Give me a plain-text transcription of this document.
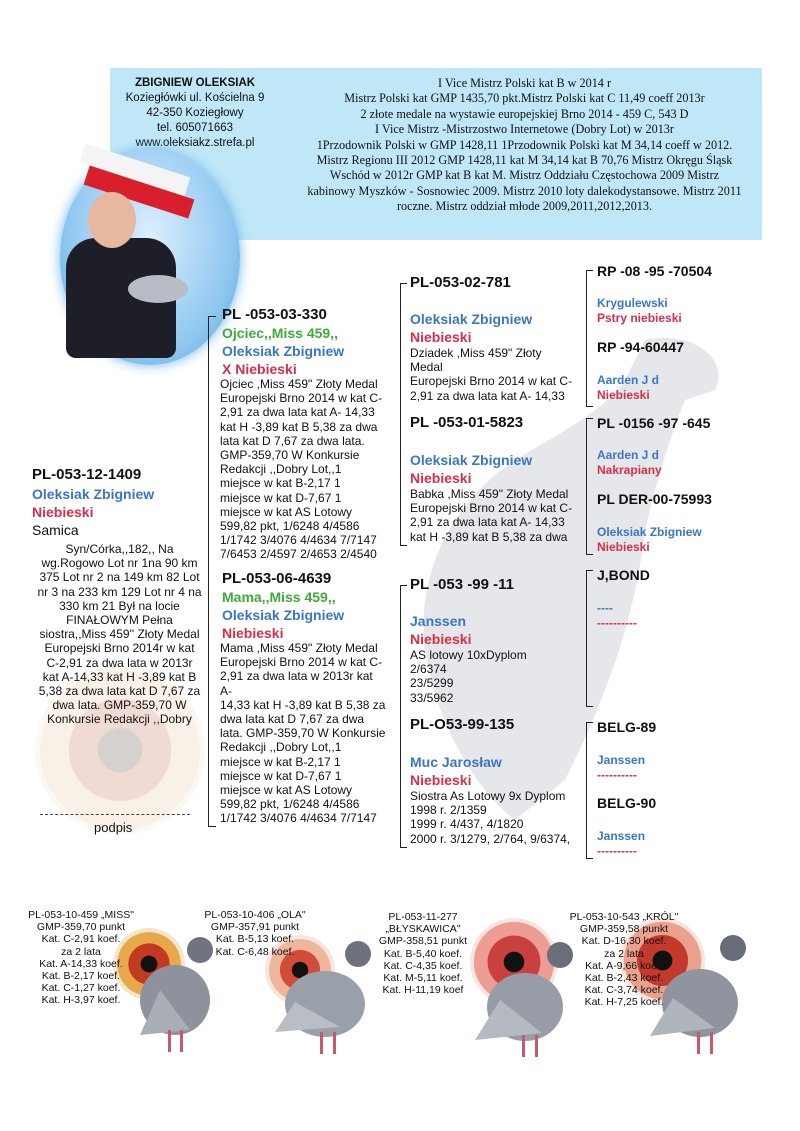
ZBIGNIEW OLEKSIAK
Koziegłówki ul. Kościelna 9
42-350 Koziegłowy
tel. 605071663
www.oleksiakz.strefa.pl
I Vice Mistrz Polski kat B w 2014 r
Mistrz Polski kat GMP 1435,70 pkt.Mistrz Polski kat C 11,49 coeff 2013r
2 złote medale na wystawie europejskiej Brno 2014 - 459 C, 543 D
I Vice Mistrz -Mistrzostwo Internetowe (Dobry Lot) w 2013r
1Przodownik Polski w GMP 1428,11 1Przodownik Polski kat M 34,14 coeff w 2012.
Mistrz Regionu III 2012 GMP 1428,11 kat M 34,14 kat B 70,76 Mistrz Okręgu Śląsk
Wschód w 2012r GMP kat B kat M. Mistrz Oddziału Częstochowa 2009 Mistrz
kabinowy Myszków - Sosnowiec 2009. Mistrz 2010 loty dalekodystansowe. Mistrz 2011
roczne. Mistrz oddział młode 2009,2011,2012,2013.
PL-053-12-1409
Oleksiak Zbigniew
Niebieski
Samica
Syn/Córka,,182,, Na
wg.Rogowo Lot nr 1na 90 km
375 Lot nr 2 na 149 km 82 Lot
nr 3 na 233 km 129 Lot nr 4 na
330 km 21 Był na locie
FINAŁOWYM Pełna
siostra,,Miss 459'' Złoty Medal
Europejski Brno 2014r w kat
C-2,91 za dwa lata w 2013r
kat A-14,33 kat H -3,89 kat B
5,38 za dwa lata kat D 7,67 za
dwa lata. GMP-359,70 W
Konkursie Redakcji ,,Dobry
podpis
PL -053-03-330
Ojciec,,Miss 459,,
Oleksiak Zbigniew
X Niebieski
Ojciec ,Miss 459" Złoty Medal
Europejski Brno 2014 w kat C-
2,91 za dwa lata kat A- 14,33
kat H -3,89 kat B 5,38 za dwa
lata kat D 7,67 za dwa lata.
GMP-359,70 W Konkursie
Redakcji ,,Dobry Lot,,1
miejsce w kat B-2,17 1
miejsce w kat D-7,67 1
miejsce w kat AS Lotowy
599,82 pkt, 1/6248 4/4586
1/1742 3/4076 4/4634 7/7147
7/6453 2/4597 2/4653 2/4540
PL-053-06-4639
Mama,,Miss 459,,
Oleksiak Zbigniew
Niebieski
Mama ,Miss 459" Złoty Medal
Europejski Brno 2014 w kat C-
2,91 za dwa lata w 2013r kat
A-
14,33 kat H -3,89 kat B 5,38 za
dwa lata kat D 7,67 za dwa
lata. GMP-359,70 W Konkursie
Redakcji ,,Dobry Lot,,1
miejsce w kat B-2,17 1
miejsce w kat D-7,67 1
miejsce w kat AS Lotowy
599,82 pkt, 1/6248 4/4586
1/1742 3/4076 4/4634 7/7147
PL-053-02-781
Oleksiak Zbigniew
Niebieski
Dziadek ,Miss 459" Złoty
Medal
Europejski Brno 2014 w kat C-
2,91 za dwa lata kat A- 14,33
PL -053-01-5823
Oleksiak Zbigniew
Niebieski
Babka ,Miss 459" Złoty Medal
Europejski Brno 2014 w kat C-
2,91 za dwa lata kat A- 14,33
kat H -3,89 kat B 5,38 za dwa
PL -053 -99 -11
Janssen
Niebieski
AS lotowy 10xDyplom
2/6374
23/5299
33/5962
PL-O53-99-135
Muc Jarosław
Niebieski
Siostra As Lotowy 9x Dyplom
1998 r. 2/1359
1999 r. 4/437, 4/1820
2000 r. 3/1279, 2/764, 9/6374,
RP -08 -95 -70504
Krygulewski
Pstry niebieski
RP -94-60447
Aarden J d
Niebieski
PL -0156 -97 -645
Aarden J d
Nakrapiany
PL DER-00-75993
Oleksiak Zbigniew
Niebieski
J,BOND
----
----------
BELG-89
Janssen
----------
BELG-90
Janssen
----------
PL-053-10-459 „MISS"
GMP-359,70 punkt
Kat. C-2,91 koef.
za 2 lata
Kat. A-14,33 koef.
Kat. B-2,17 koef.
Kat. C-1,27 koef.
Kat. H-3,97 koef.
PL-053-10-406 „OLA"
GMP-357,91 punkt
Kat. B-5,13 koef.
Kat. C-6,48 koef.
PL-053-11-277
„BŁYSKAWICA"
GMP-358,51 punkt
Kat. B-5,40 koef.
Kat. C-4,35 koef.
Kat. M-5,11 koef.
Kat. H-11,19 koef
PL-053-10-543 „KRÓL"
GMP-359,58 punkt
Kat. D-16,30 koef.
za 2 lata
Kat. A-9,66 koef.
Kat. B-2,43 koef.
Kat. C-3,74 koef.
Kat. H-7,25 koef.
